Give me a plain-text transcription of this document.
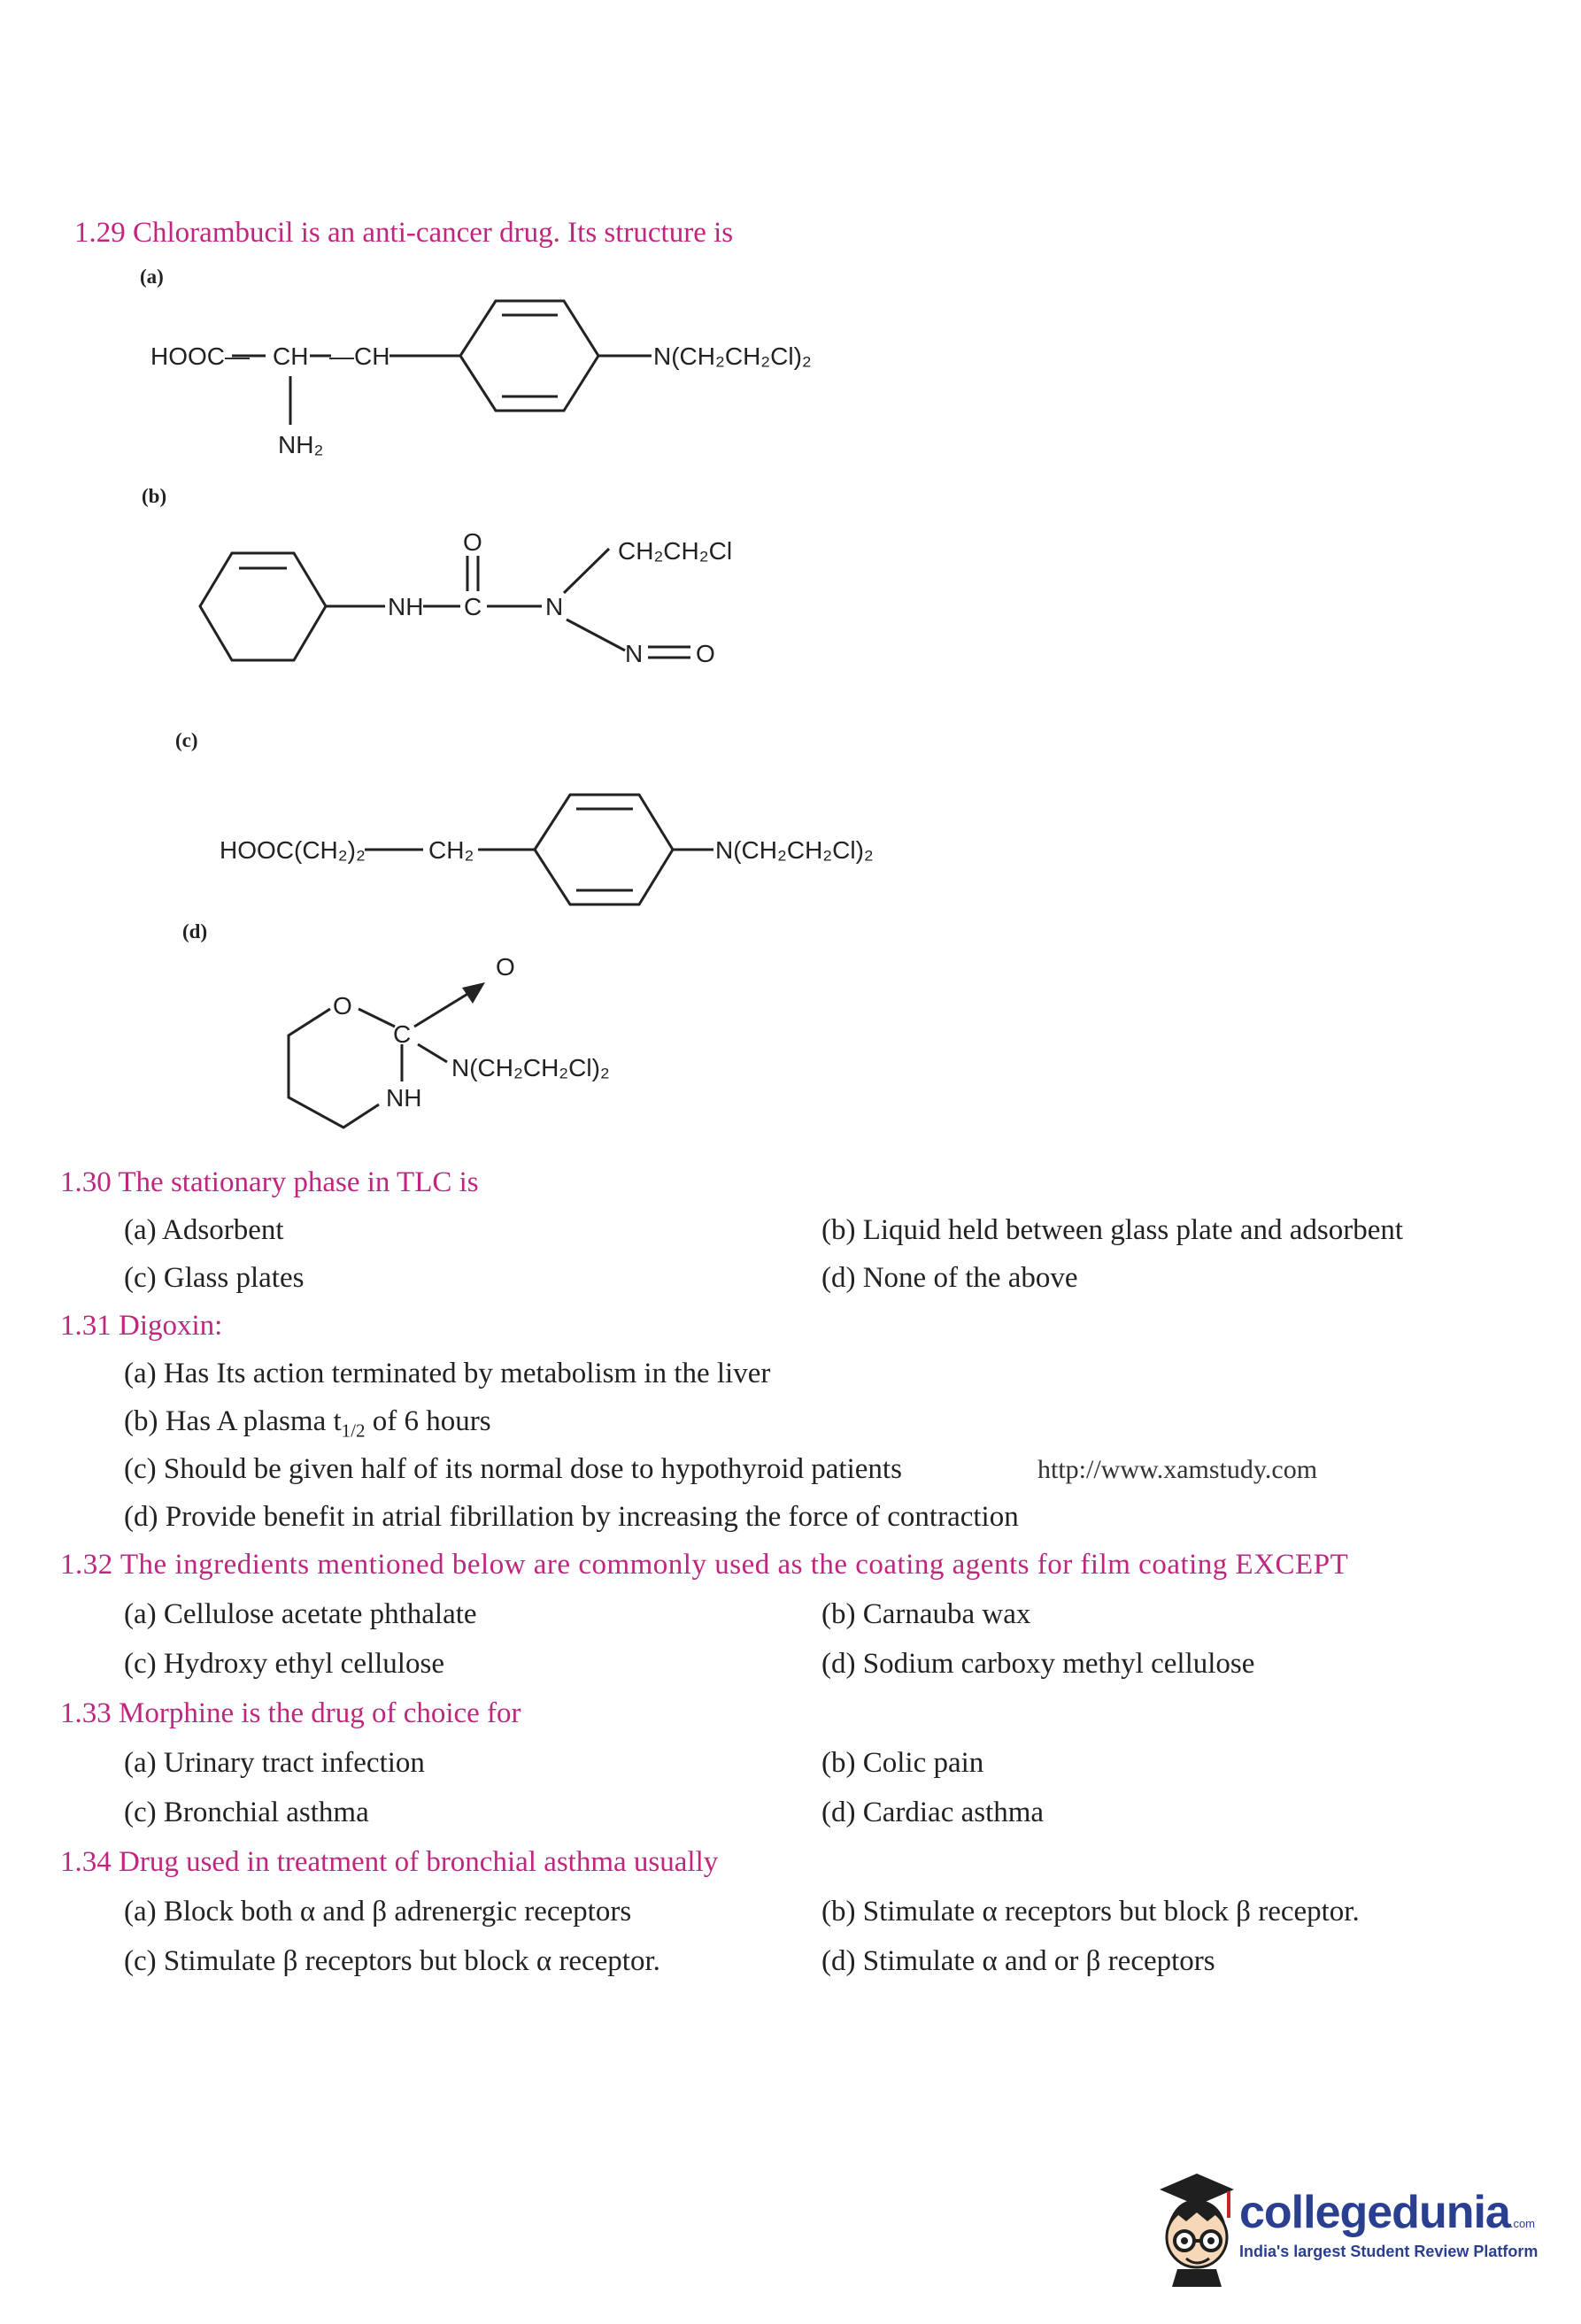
1.29 Chlorambucil is an anti-cancer drug. Its structure is
(a)
(b)
(c)
(d)
HOOC— CH —CH
NH₂
N(CH₂CH₂Cl)₂
NH C
O
N
CH₂CH₂Cl
N O
HOOC(CH₂)₂	CH₂	N(CH₂CH₂Cl)₂
O
C
NH
O
N(CH₂CH₂Cl)₂
1.30 The stationary phase in TLC is
(a) Adsorbent	(b) Liquid held between glass plate and adsorbent
(c) Glass plates	(d) None of the above
1.31 Digoxin:
(a) Has Its action terminated by metabolism in the liver
(b) Has A plasma $t_{1/2}$ of 6 hours
(c) Should be given half of its normal dose to hypothyroid patients	http://www.xamstudy.com
(d) Provide benefit in atrial fibrillation by increasing the force of contraction
1.32 The ingredients mentioned below are commonly used as the coating agents for film coating EXCEPT
(a) Cellulose acetate phthalate	(b) Carnauba wax
(c) Hydroxy ethyl cellulose	(d) Sodium carboxy methyl cellulose
1.33 Morphine is the drug of choice for
(a) Urinary tract infection	(b) Colic pain
(c) Bronchial asthma	(d) Cardiac asthma
1.34 Drug used in treatment of bronchial asthma usually
(a) Block both α and β adrenergic receptors	(b) Stimulate α receptors but block β receptor.
(c) Stimulate β receptors but block α receptor.	(d) Stimulate α and or β receptors
collegedunia.com
India's largest Student Review Platform
